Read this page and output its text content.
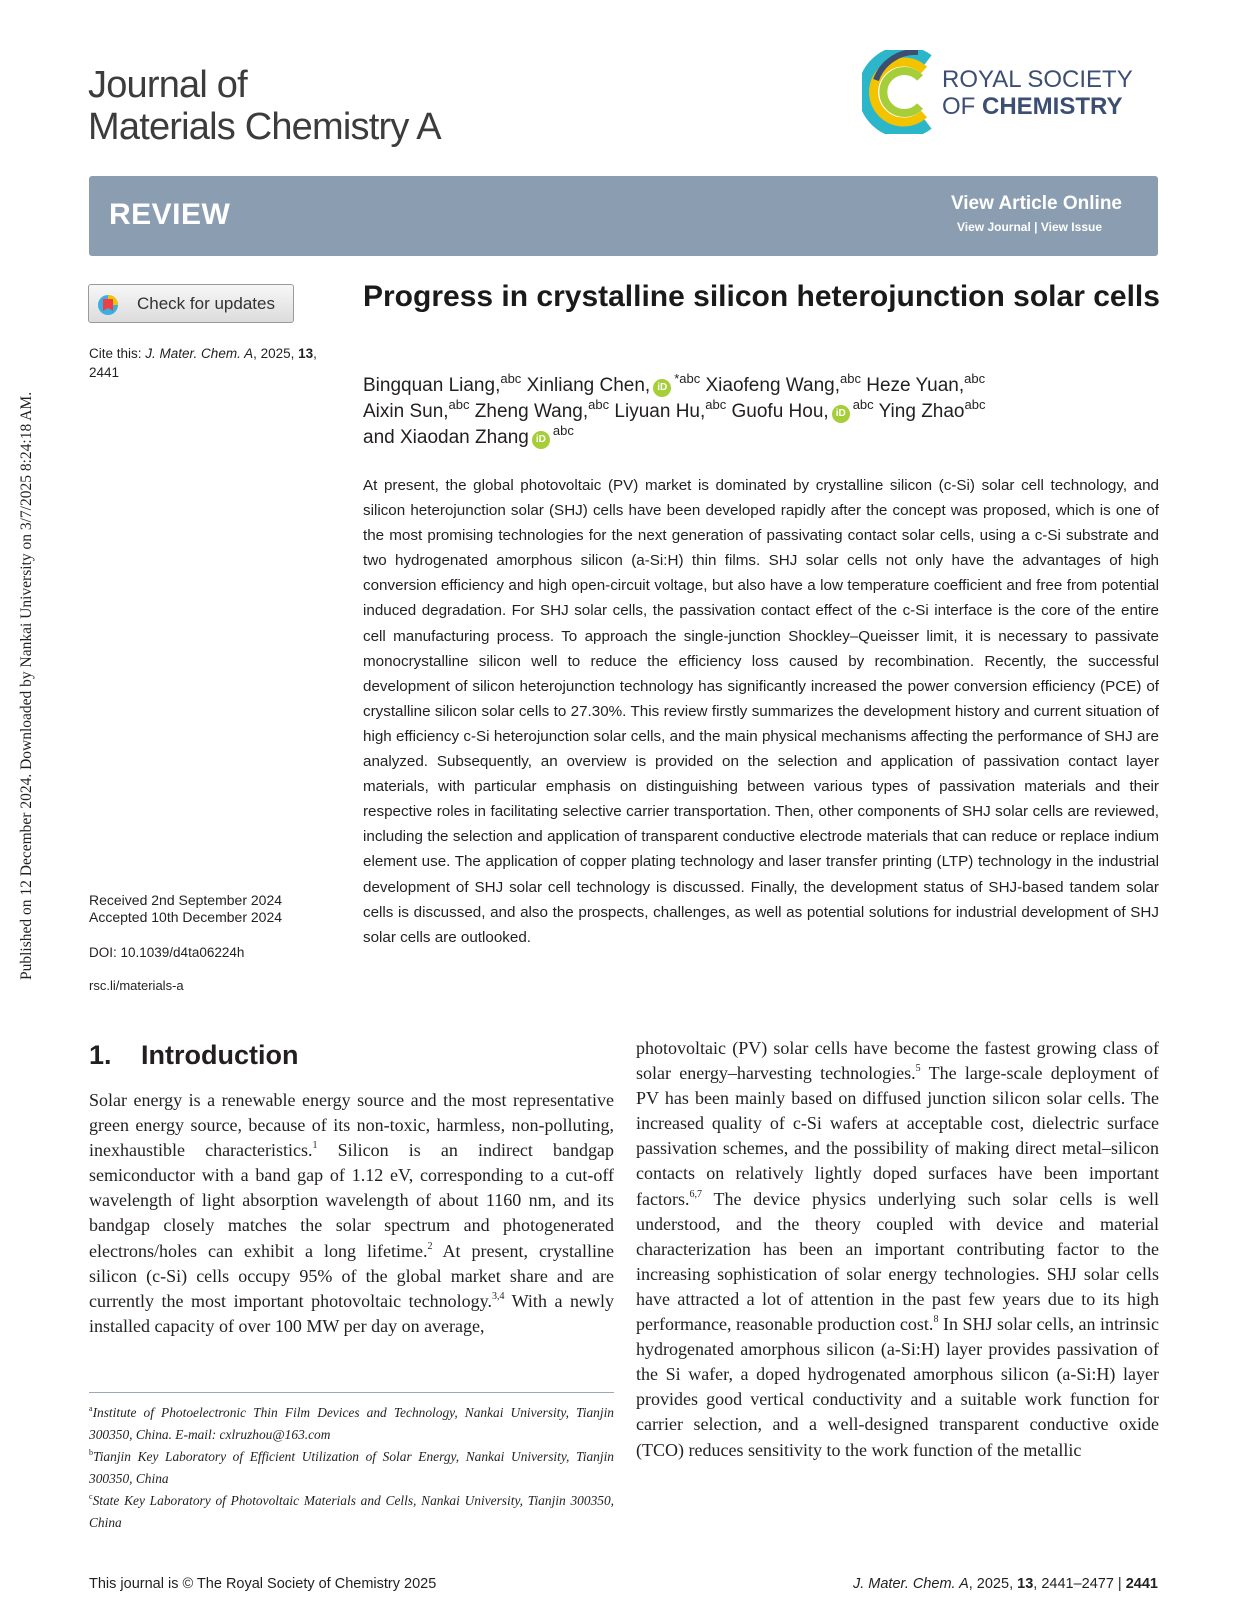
Published on 12 December 2024. Downloaded by Nankai University on 3/7/2025 8:24:18 AM.
Journal of
Materials Chemistry A
ROYAL SOCIETY
OF CHEMISTRY
REVIEW	View Article Online
View Journal | View Issue
Check for updates
Cite this: J. Mater. Chem. A, 2025, 13,
2441
Received 2nd September 2024
Accepted 10th December 2024
DOI: 10.1039/d4ta06224h
rsc.li/materials-a
Progress in crystalline silicon heterojunction solar cells
Bingquan Liang,$^{abc}$ Xinliang Chen, $iD^{*abc}$ Xiaofeng Wang,$^{abc}$ Heze Yuan,$^{abc}$
Aixin Sun,$^{abc}$ Zheng Wang,$^{abc}$ Liyuan Hu,$^{abc}$ Guofu Hou, $iD^{abc}$ Ying Zhao$^{abc}$
and Xiaodan Zhang $iD^{abc}$

At present, the global photovoltaic (PV) market is dominated by crystalline silicon (c-Si) solar cell technology, and silicon heterojunction solar (SHJ) cells have been developed rapidly after the concept was proposed, which is one of the most promising technologies for the next generation of passivating contact solar cells, using a c-Si substrate and two hydrogenated amorphous silicon (a-Si:H) thin films. SHJ solar cells not only have the advantages of high conversion efficiency and high open-circuit voltage, but also have a low temperature coefficient and free from potential induced degradation. For SHJ solar cells, the passivation contact effect of the c-Si interface is the core of the entire cell manufacturing process. To approach the single-junction Shockley–Queisser limit, it is necessary to passivate monocrystalline silicon well to reduce the efficiency loss caused by recombination. Recently, the successful development of silicon heterojunction technology has significantly increased the power conversion efficiency (PCE) of crystalline silicon solar cells to 27.30%. This review firstly summarizes the development history and current situation of high efficiency c-Si heterojunction solar cells, and the main physical mechanisms affecting the performance of SHJ are analyzed. Subsequently, an overview is provided on the selection and application of passivation contact layer materials, with particular emphasis on distinguishing between various types of passivation materials and their respective roles in facilitating selective carrier transportation. Then, other components of SHJ solar cells are reviewed, including the selection and application of transparent conductive electrode materials that can reduce or replace indium element use. The application of copper plating technology and laser transfer printing (LTP) technology in the industrial development of SHJ solar cell technology is discussed. Finally, the development status of SHJ-based tandem solar cells is discussed, and also the prospects, challenges, as well as potential solutions for industrial development of SHJ solar cells are outlooked.

1. Introduction

Solar energy is a renewable energy source and the most representative green energy source, because of its non-toxic, harmless, non-polluting, inexhaustible characteristics.$^1$ Silicon is an indirect bandgap semiconductor with a band gap of 1.12 eV, corresponding to a cut-off wavelength of light absorption wavelength of about 1160 nm, and its bandgap closely matches the solar spectrum and photogenerated electrons/holes can exhibit a long lifetime.$^2$ At present, crystalline silicon (c-Si) cells occupy 95% of the global market share and are currently the most important photovoltaic technology.$^{3,4}$ With a newly installed capacity of over 100 MW per day on average,

$^a$Institute of Photoelectronic Thin Film Devices and Technology, Nankai University, Tianjin 300350, China. E-mail: cxlruzhou@163.com

$^b$Tianjin Key Laboratory of Efficient Utilization of Solar Energy, Nankai University, Tianjin 300350, China

$^c$State Key Laboratory of Photovoltaic Materials and Cells, Nankai University, Tianjin 300350, China

photovoltaic (PV) solar cells have become the fastest growing class of solar energy–harvesting technologies.$^5$ The large-scale deployment of PV has been mainly based on diffused junction silicon solar cells. The increased quality of c-Si wafers at acceptable cost, dielectric surface passivation schemes, and the possibility of making direct metal–silicon contacts on relatively lightly doped surfaces have been important factors.$^{6,7}$ The device physics underlying such solar cells is well understood, and the theory coupled with device and material characterization has been an important contributing factor to the increasing sophistication of solar energy technologies. SHJ solar cells have attracted a lot of attention in the past few years due to its high performance, reasonable production cost.$^8$ In SHJ solar cells, an intrinsic hydrogenated amorphous silicon (a-Si:H) layer provides passivation of the Si wafer, a doped hydrogenated amorphous silicon (a-Si:H) layer provides good vertical conductivity and a suitable work function for carrier selection, and a well-designed transparent conductive oxide (TCO) reduces sensitivity to the work function of the metallic

This journal is © The Royal Society of Chemistry 2025	J. Mater. Chem. A, 2025, 13, 2441–2477 | 2441
